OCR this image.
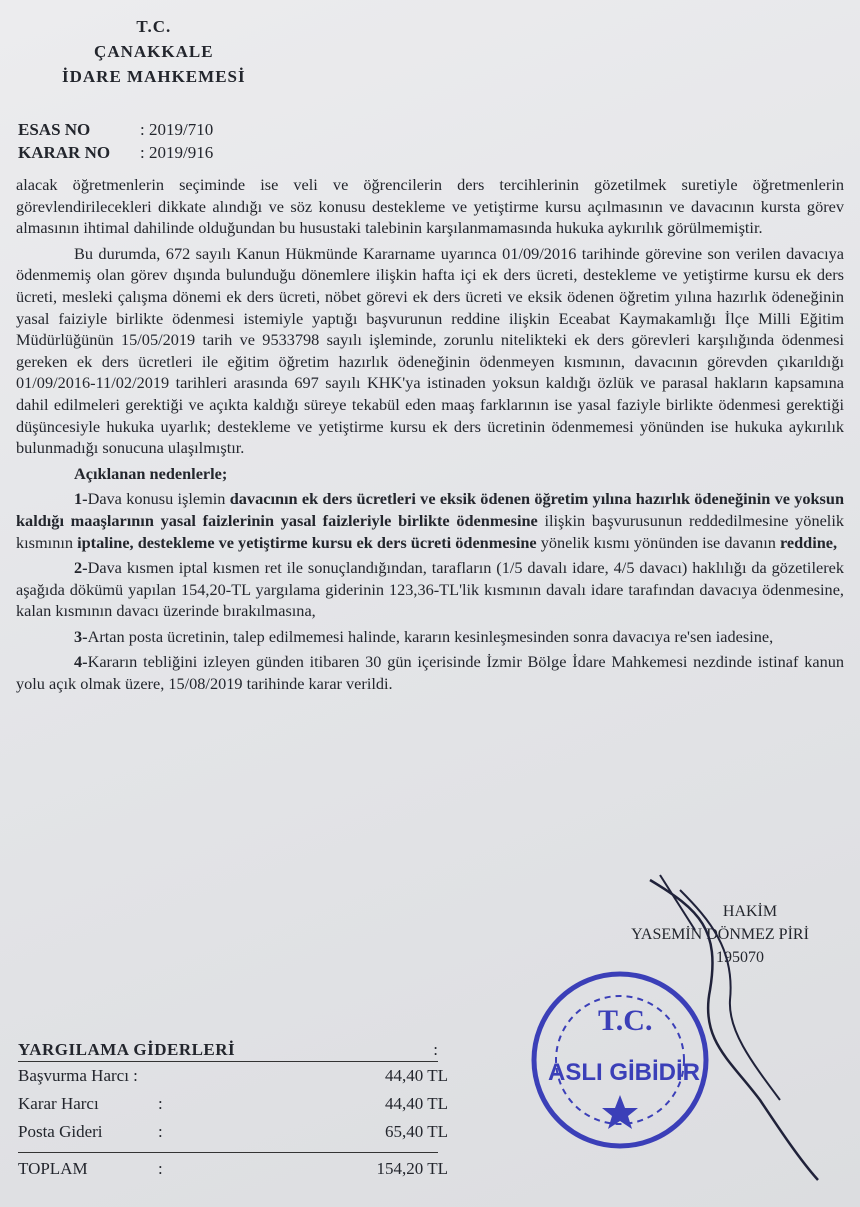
T.C.
ÇANAKKALE
İDARE MAHKEMESİ
ESAS NO	: 2019/710
KARAR NO : 2019/916

alacak öğretmenlerin seçiminde ise veli ve öğrencilerin ders tercihlerinin gözetilmek suretiyle öğretmenlerin görevlendirilecekleri dikkate alındığı ve söz konusu destekleme ve yetiştirme kursu açılmasının ve davacının kursta görev almasının ihtimal dahilinde olduğundan bu husustaki talebinin karşılanmamasında hukuka aykırılık görülmemiştir.

Bu durumda, 672 sayılı Kanun Hükmünde Kararname uyarınca 01/09/2016 tarihinde görevine son verilen davacıya ödenmemiş olan görev dışında bulunduğu dönemlere ilişkin hafta içi ek ders ücreti, destekleme ve yetiştirme kursu ek ders ücreti, mesleki çalışma dönemi ek ders ücreti, nöbet görevi ek ders ücreti ve eksik ödenen öğretim yılına hazırlık ödeneğinin yasal faiziyle birlikte ödenmesi istemiyle yaptığı başvurunun reddine ilişkin Eceabat Kaymakamlığı İlçe Milli Eğitim Müdürlüğünün 15/05/2019 tarih ve 9533798 sayılı işleminde, zorunlu nitelikteki ek ders görevleri karşılığında ödenmesi gereken ek ders ücretleri ile eğitim öğretim hazırlık ödeneğinin ödenmeyen kısmının, davacının görevden çıkarıldığı 01/09/2016-11/02/2019 tarihleri arasında 697 sayılı KHK'ya istinaden yoksun kaldığı özlük ve parasal hakların kapsamına dahil edilmeleri gerektiği ve açıkta kaldığı süreye tekabül eden maaş farklarının ise yasal faziyle birlikte ödenmesi gerektiği düşüncesiyle hukuka uyarlık; destekleme ve yetiştirme kursu ek ders ücretinin ödenmemesi yönünden ise hukuka aykırılık bulunmadığı sonucuna ulaşılmıştır.

Açıklanan nedenlerle;

1-Dava konusu işlemin davacının ek ders ücretleri ve eksik ödenen öğretim yılına hazırlık ödeneğinin ve yoksun kaldığı maaşlarının yasal faizlerinin yasal faizleriyle birlikte ödenmesine ilişkin başvurusunun reddedilmesine yönelik kısmının iptaline, destekleme ve yetiştirme kursu ek ders ücreti ödenmesine yönelik kısmı yönünden ise davanın reddine,

2-Dava kısmen iptal kısmen ret ile sonuçlandığından, tarafların (1/5 davalı idare, 4/5 davacı) haklılığı da gözetilerek aşağıda dökümü yapılan 154,20-TL yargılama giderinin 123,36-TL'lik kısmının davalı idare tarafından davacıya ödenmesine, kalan kısmının davacı üzerinde bırakılmasına,

3-Artan posta ücretinin, talep edilmemesi halinde, kararın kesinleşmesinden sonra davacıya re'sen iadesine,

4-Kararın tebliğini izleyen günden itibaren 30 gün içerisinde İzmir Bölge İdare Mahkemesi nezdinde istinaf kanun yolu açık olmak üzere, 15/08/2019 tarihinde karar verildi.

HAKİM
YASEMİN DÖNMEZ PİRİ
195070
T.C.
ASLI GİBİDİR
YARGILAMA GİDERLERİ	:
Başvurma Harcı :	44,40 TL
Karar Harcı	:	44,40 TL
Posta Gideri	:	65,40 TL
TOPLAM	:	154,20 TL
